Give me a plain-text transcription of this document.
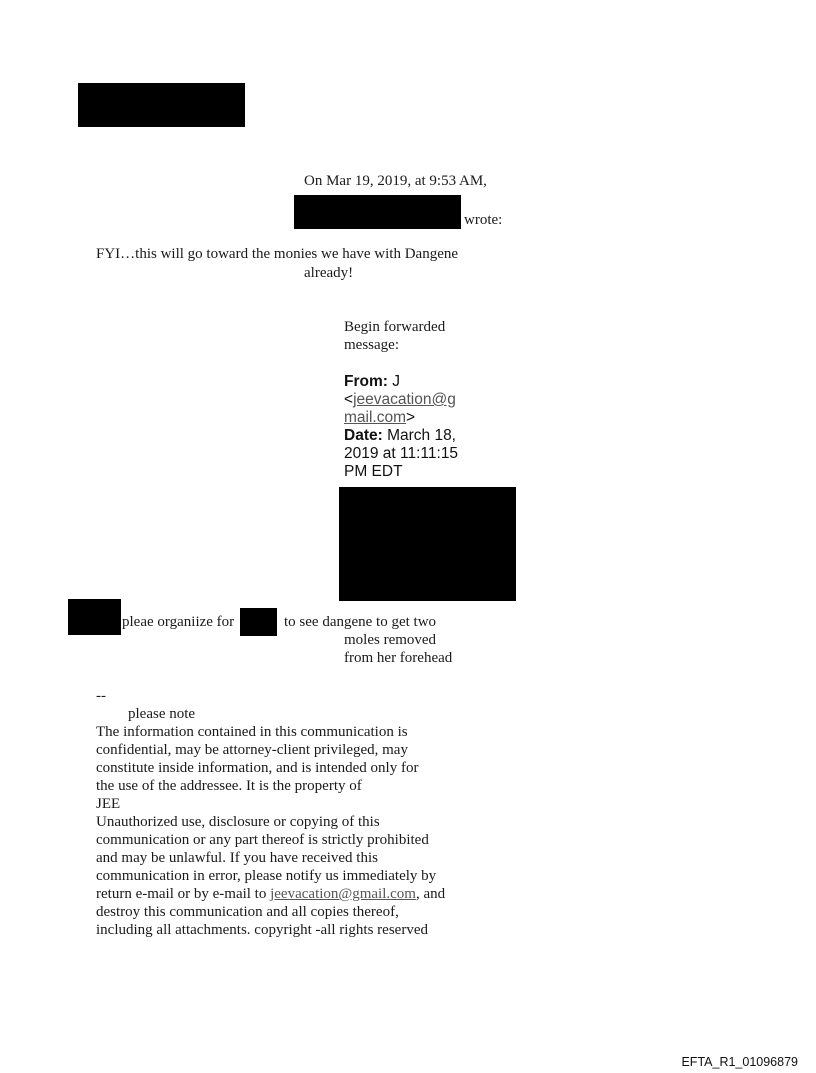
On Mar 19, 2019, at 9:53 AM,
wrote:
FYI…this will go toward the monies we have with Dangene
already!
Begin forwarded
message:
From: J
<jeevacation@g
mail.com>
Date: March 18,
2019 at 11:11:15
PM EDT
pleae organiize for	to see dangene to get two
moles removed
from her forehead
--
please note
The information contained in this communication is
confidential, may be attorney-client privileged, may
constitute inside information, and is intended only for
the use of the addressee. It is the property of
JEE
Unauthorized use, disclosure or copying of this
communication or any part thereof is strictly prohibited
and may be unlawful. If you have received this
communication in error, please notify us immediately by
return e-mail or by e-mail to jeevacation@gmail.com, and
destroy this communication and all copies thereof,
including all attachments. copyright -all rights reserved
EFTA_R1_01096879
